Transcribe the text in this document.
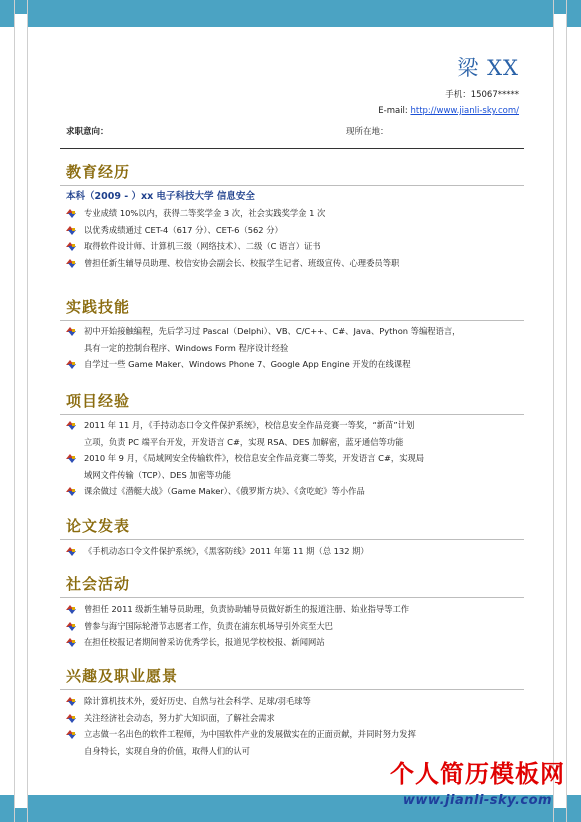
梁 XX
手机：15067*****
E-mail: http://www.jianli-sky.com/
求职意向：	现所在地：
教育经历
本科（2009 - ）xx 电子科技大学 信息安全
专业成绩 10%以内，获得二等奖学金 3 次，社会实践奖学金 1 次
以优秀成绩通过 CET-4（617 分）、CET-6（562 分）
取得软件设计师、计算机三级（网络技术）、二级（C 语言）证书
曾担任新生辅导员助理、校信安协会副会长、校报学生记者、班级宣传、心理委员等职
实践技能
初中开始接触编程，先后学习过 Pascal（Delphi）、VB、C/C++、C#、Java、Python 等编程语言，
具有一定的控制台程序、Windows Form 程序设计经验
自学过一些 Game Maker、Windows Phone 7、Google App Engine 开发的在线课程
项目经验
2011 年 11 月，《手持动态口令文件保护系统》，校信息安全作品竞赛一等奖，“新苗”计划
立项，负责 PC 端平台开发，开发语言 C#，实现 RSA、DES 加解密，蓝牙通信等功能
2010 年 9 月，《局域网安全传输软件》，校信息安全作品竞赛二等奖，开发语言 C#，实现局
域网文件传输（TCP）、DES 加密等功能
课余做过《潜艇大战》（Game Maker）、《俄罗斯方块》、《贪吃蛇》等小作品
论文发表
《手机动态口令文件保护系统》，《黑客防线》2011 年第 11 期（总 132 期）
社会活动
曾担任 2011 级新生辅导员助理，负责协助辅导员做好新生的报道注册、始业指导等工作
曾参与海宁国际轮滑节志愿者工作，负责在浦东机场导引外宾至大巴
在担任校报记者期间曾采访优秀学长，报道见学校校报、新闻网站
兴趣及职业愿景
除计算机技术外，爱好历史、自然与社会科学、足球/羽毛球等
关注经济社会动态，努力扩大知识面，了解社会需求
立志做一名出色的软件工程师，为中国软件产业的发展做实在的正面贡献，并同时努力发挥
自身特长，实现自身的价值，取得人们的认可
个人简历模板网
www.jianli-sky.com
